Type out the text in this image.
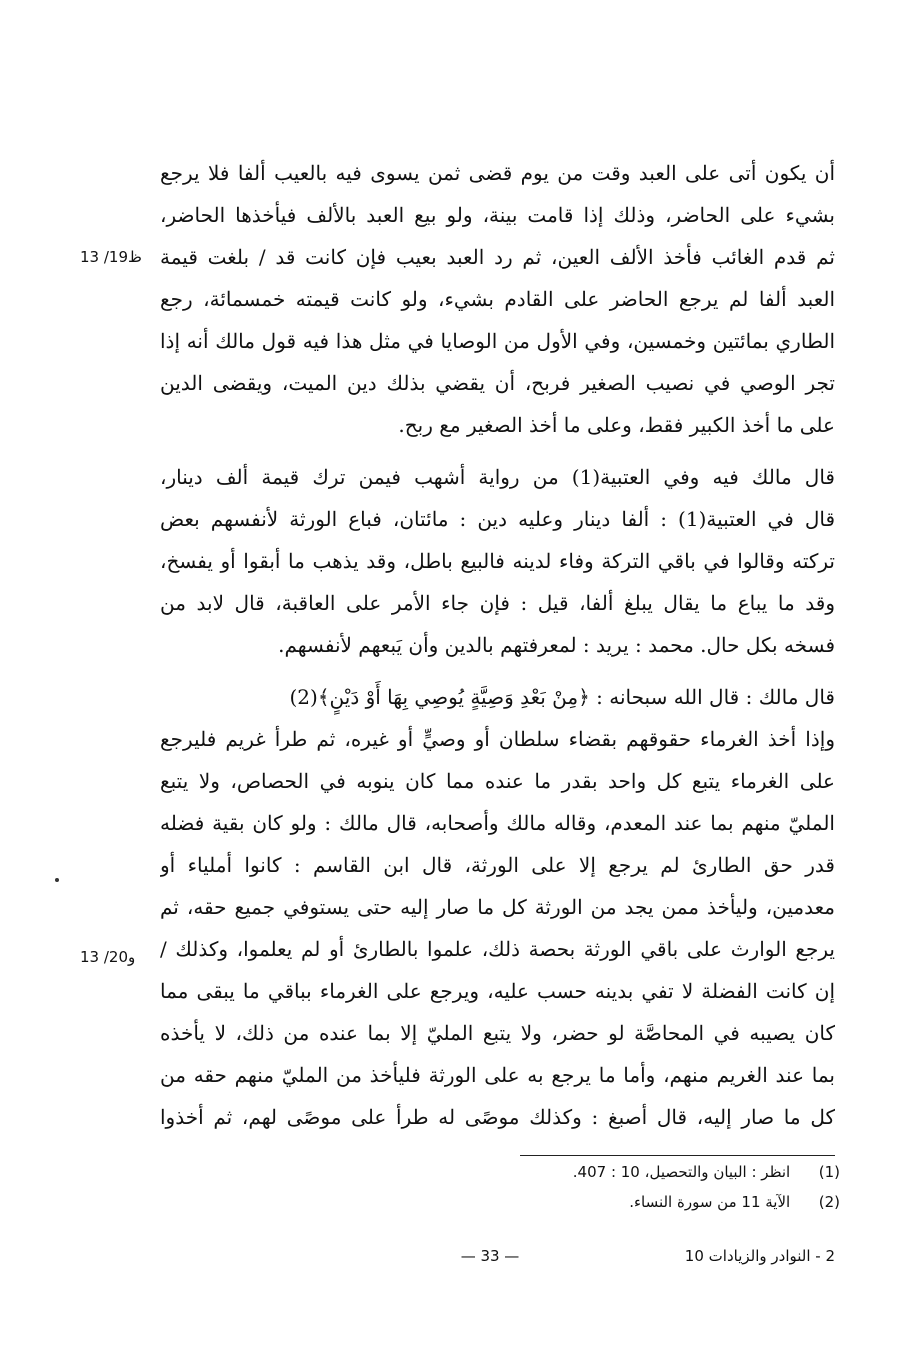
أن يكون أتى على العبد وقت من يوم قضى ثمن يسوى فيه بالعيب ألفا فلا يرجع
بشيء على الحاضر، وذلك إذا قامت بينة، ولو بيع العبد بالألف فيأخذها الحاضر،
ثم قدم الغائب فأخذ الألف العين، ثم رد العبد بعيب فإن كانت قد / بلغت قيمة
العبد ألفا لم يرجع الحاضر على القادم بشيء، ولو كانت قيمته خمسمائة، رجع
الطاري بمائتين وخمسين، وفي الأول من الوصايا في مثل هذا فيه قول مالك أنه إذا
تجر الوصي في نصيب الصغير فربح، أن يقضي بذلك دين الميت، ويقضى الدين
على ما أخذ الكبير فقط، وعلى ما أخذ الصغير مع ربح.
قال مالك فيه وفي العتبية(1) من رواية أشهب فيمن ترك قيمة ألف دينار،
قال في العتبية(1) : ألفا دينار وعليه دين : مائتان، فباع الورثة لأنفسهم بعض
تركته وقالوا في باقي التركة وفاء لدينه فالبيع باطل، وقد يذهب ما أبقوا أو يفسخ،
وقد ما يباع ما يقال يبلغ ألفا، قيل : فإن جاء الأمر على العاقبة، قال لابد من
فسخه بكل حال. محمد : يريد : لمعرفتهم بالدين وأن يَبعهم لأنفسهم.
قال مالك : قال الله سبحانه : ﴿مِنْ بَعْدِ وَصِيَّةٍ يُوصِي بِهَا أَوْ دَيْنٍ﴾(2)
وإذا أخذ الغرماء حقوقهم بقضاء سلطان أو وصيٍّ أو غيره، ثم طرأ غريم فليرجع
على الغرماء يتبع كل واحد بقدر ما عنده مما كان ينوبه في الحصاص، ولا يتبع
المليّ منهم بما عند المعدم، وقاله مالك وأصحابه، قال مالك : ولو كان بقية فضله
قدر حق الطارئ لم يرجع إلا على الورثة، قال ابن القاسم : كانوا أملياء أو
معدمين، وليأخذ ممن يجد من الورثة كل ما صار إليه حتى يستوفي جميع حقه، ثم
يرجع الوارث على باقي الورثة بحصة ذلك، علموا بالطارئ أو لم يعلموا، وكذلك /
إن كانت الفضلة لا تفي بدينه حسب عليه، ويرجع على الغرماء بباقي ما يبقى مما
كان يصيبه في المحاصَّة لو حضر، ولا يتبع المليّ إلا بما عنده من ذلك، لا يأخذه
بما عند الغريم منهم، وأما ما يرجع به على الورثة فليأخذ من المليّ منهم حقه من
كل ما صار إليه، قال أصبغ : وكذلك موصًى له طرأ على موصًى لهم، ثم أخذوا
13 /19ظ
13 /20و
(1) انظر : البيان والتحصيل، 10 : 407.
(2) الآية 11 من سورة النساء.
2 - النوادر والزيادات 10
— 33 —
